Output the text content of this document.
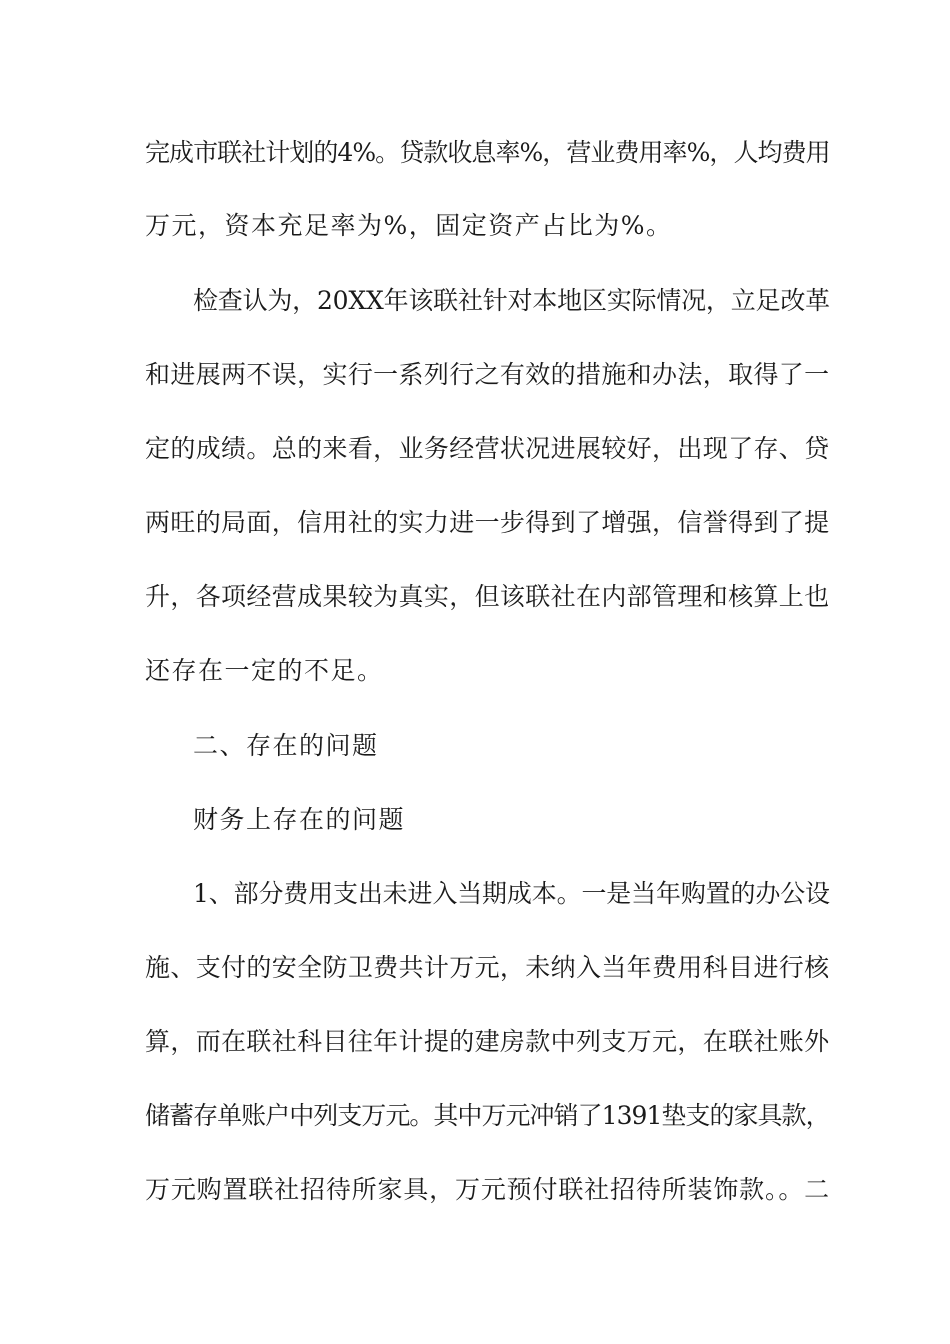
完成市联社计划的4%。贷款收息率%，营业费用率%，人均费用

万元，资本充足率为%，固定资产占比为%。

检查认为，20XX年该联社针对本地区实际情况，立足改革

和进展两不误，实行一系列行之有效的措施和办法，取得了一

定的成绩。总的来看，业务经营状况进展较好，出现了存、贷

两旺的局面，信用社的实力进一步得到了增强，信誉得到了提

升，各项经营成果较为真实，但该联社在内部管理和核算上也

还存在一定的不足。

二、存在的问题

财务上存在的问题

1、部分费用支出未进入当期成本。一是当年购置的办公设

施、支付的安全防卫费共计万元，未纳入当年费用科目进行核

算，而在联社科目往年计提的建房款中列支万元，在联社账外

储蓄存单账户中列支万元。其中万元冲销了1391垫支的家具款，

万元购置联社招待所家具，万元预付联社招待所装饰款。。二
